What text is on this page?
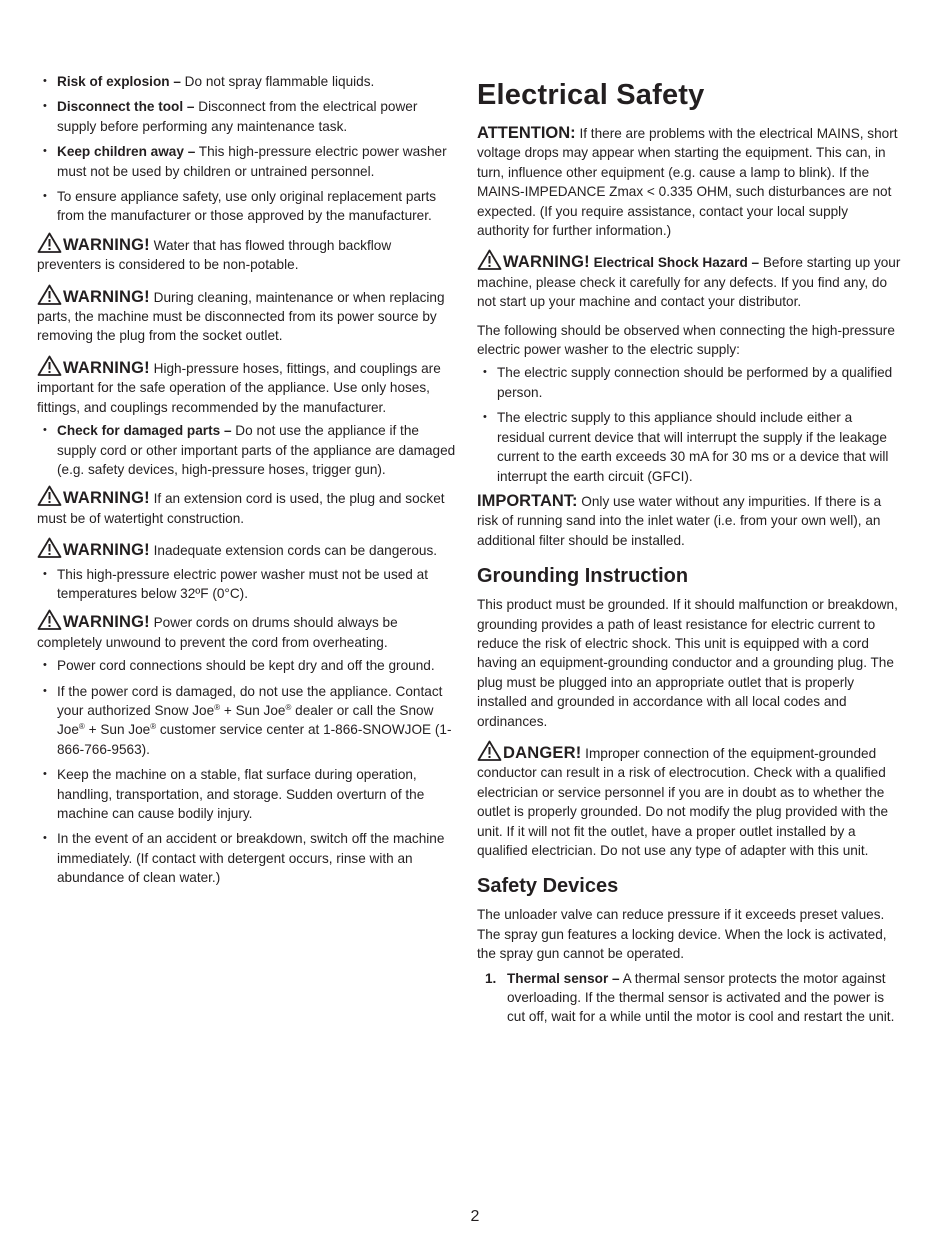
• Risk of explosion – Do not spray flammable liquids.
• Disconnect the tool – Disconnect from the electrical power supply before performing any maintenance task.
• Keep children away – This high-pressure electric power washer must not be used by children or untrained personnel.
• To ensure appliance safety, use only original replacement parts from the manufacturer or those approved by the manufacturer.

WARNING! Water that has flowed through backflow preventers is considered to be non-potable.

WARNING! During cleaning, maintenance or when replacing parts, the machine must be disconnected from its power source by removing the plug from the socket outlet.

WARNING! High-pressure hoses, fittings, and couplings are important for the safe operation of the appliance. Use only hoses, fittings, and couplings recommended by the manufacturer.

• Check for damaged parts – Do not use the appliance if the supply cord or other important parts of the appliance are damaged (e.g. safety devices, high-pressure hoses, trigger gun).

WARNING! If an extension cord is used, the plug and socket must be of watertight construction.

WARNING! Inadequate extension cords can be dangerous.

• This high-pressure electric power washer must not be used at temperatures below 32ºF (0°C).

WARNING! Power cords on drums should always be completely unwound to prevent the cord from overheating.

• Power cord connections should be kept dry and off the ground.
• If the power cord is damaged, do not use the appliance. Contact your authorized Snow Joe® + Sun Joe® dealer or call the Snow Joe® + Sun Joe® customer service center at 1-866-SNOWJOE (1-866-766-9563).
• Keep the machine on a stable, flat surface during operation, handling, transportation, and storage. Sudden overturn of the machine can cause bodily injury.
• In the event of an accident or breakdown, switch off the machine immediately. (If contact with detergent occurs, rinse with an abundance of clean water.)
Electrical Safety

ATTENTION: If there are problems with the electrical MAINS, short voltage drops may appear when starting the equipment. This can, in turn, influence other equipment (e.g. cause a lamp to blink). If the MAINS-IMPEDANCE Zmax < 0.335 OHM, such disturbances are not expected. (If you require assistance, contact your local supply authority for further information.)

WARNING! Electrical Shock Hazard – Before starting up your machine, please check it carefully for any defects. If you find any, do not start up your machine and contact your distributor.

The following should be observed when connecting the high-pressure electric power washer to the electric supply:

• The electric supply connection should be performed by a qualified person.
• The electric supply to this appliance should include either a residual current device that will interrupt the supply if the leakage current to the earth exceeds 30 mA for 30 ms or a device that will interrupt the earth circuit (GFCI).

IMPORTANT: Only use water without any impurities. If there is a risk of running sand into the inlet water (i.e. from your own well), an additional filter should be installed.

Grounding Instruction

This product must be grounded. If it should malfunction or breakdown, grounding provides a path of least resistance for electric current to reduce the risk of electric shock. This unit is equipped with a cord having an equipment-grounding conductor and a grounding plug. The plug must be plugged into an appropriate outlet that is properly installed and grounded in accordance with all local codes and ordinances.

DANGER! Improper connection of the equipment-grounded conductor can result in a risk of electrocution. Check with a qualified electrician or service personnel if you are in doubt as to whether the outlet is properly grounded. Do not modify the plug provided with the unit. If it will not fit the outlet, have a proper outlet installed by a qualified electrician. Do not use any type of adapter with this unit.

Safety Devices

The unloader valve can reduce pressure if it exceeds preset values. The spray gun features a locking device. When the lock is activated, the spray gun cannot be operated.

1. Thermal sensor – A thermal sensor protects the motor against overloading. If the thermal sensor is activated and the power is cut off, wait for a while until the motor is cool and restart the unit.
2
